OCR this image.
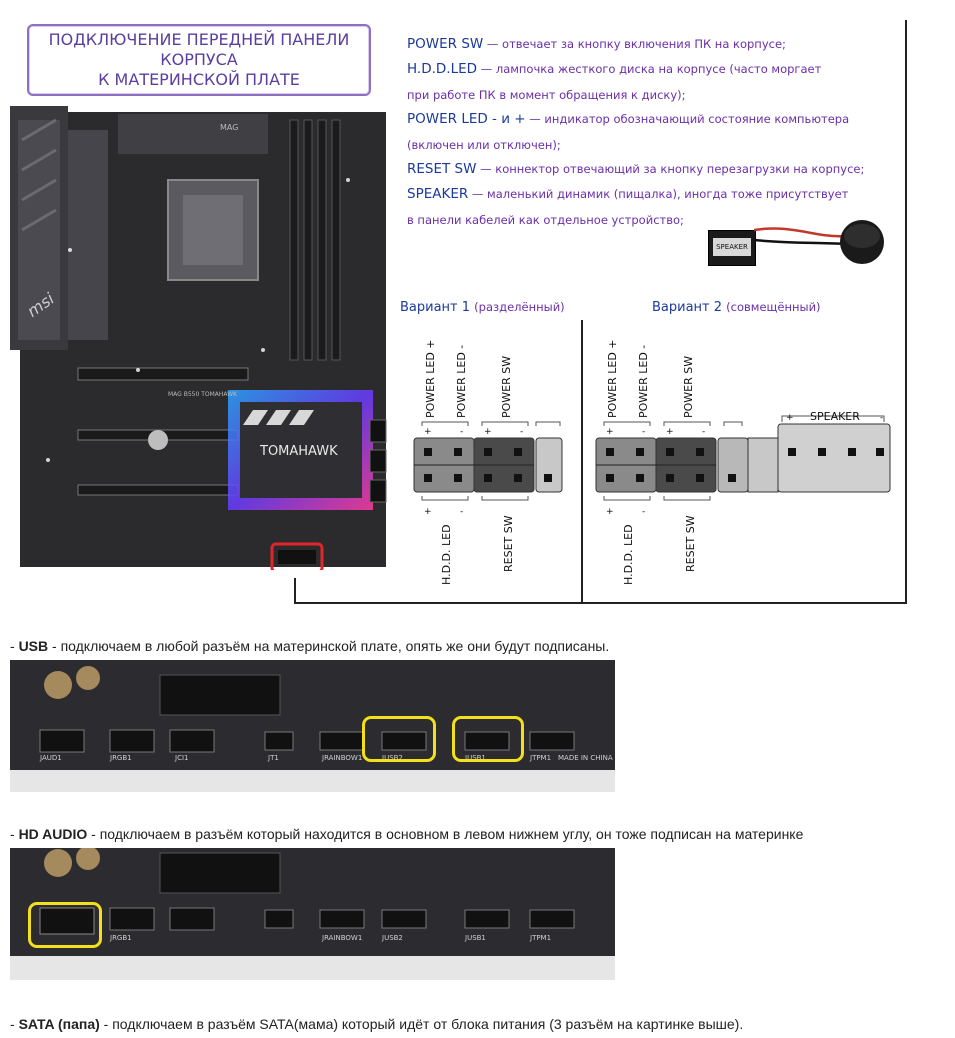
ПОДКЛЮЧЕНИЕ ПЕРЕДНЕЙ ПАНЕЛИ
КОРПУСА
К МАТЕРИНСКОЙ ПЛАТЕ
msi
MAG
TOMAHAWK
MAG B550 TOMAHAWK
POWER SW — отвечает за кнопку включения ПК на корпусе;
H.D.D.LED — лампочка жесткого диска на корпусе (часто моргает
при работе ПК в момент обращения к диску);
POWER LED - и + — индикатор обозначающий состояние компьютера
(включен или отключен);
RESET SW — коннектор отвечающий за кнопку перезагрузки на корпусе;
SPEAKER — маленький динамик (пищалка), иногда тоже присутствует
в панели кабелей как отдельное устройство;
SPEAKER
Вариант 1 (разделённый)
POWER LED + POWER LED -	POWER SW
+	- +	-
+	-
H.D.D. LED	RESET SW
Вариант 2 (совмещённый)
POWER LED + POWER LED -	POWER SW	SPEAKER
+	- +	-
+	-
+	-
H.D.D. LED	RESET SW
- USB - подключаем в любой разъём на материнской плате, опять же они будут подписаны.
JAUD1	JRGB1	JCI1	JT1	JRAINBOW1	JUSB2	JUSB1	JTPM1 MADE IN CHINA
- HD AUDIO - подключаем в разъём который находится в основном в левом нижнем углу, он тоже подписан на материнке
JRGB1	JRAINBOW1	JUSB2	JUSB1	JTPM1
- SATA (папа) - подключаем в разъём SATA(мама) который идёт от блока питания (3 разъём на картинке выше).
